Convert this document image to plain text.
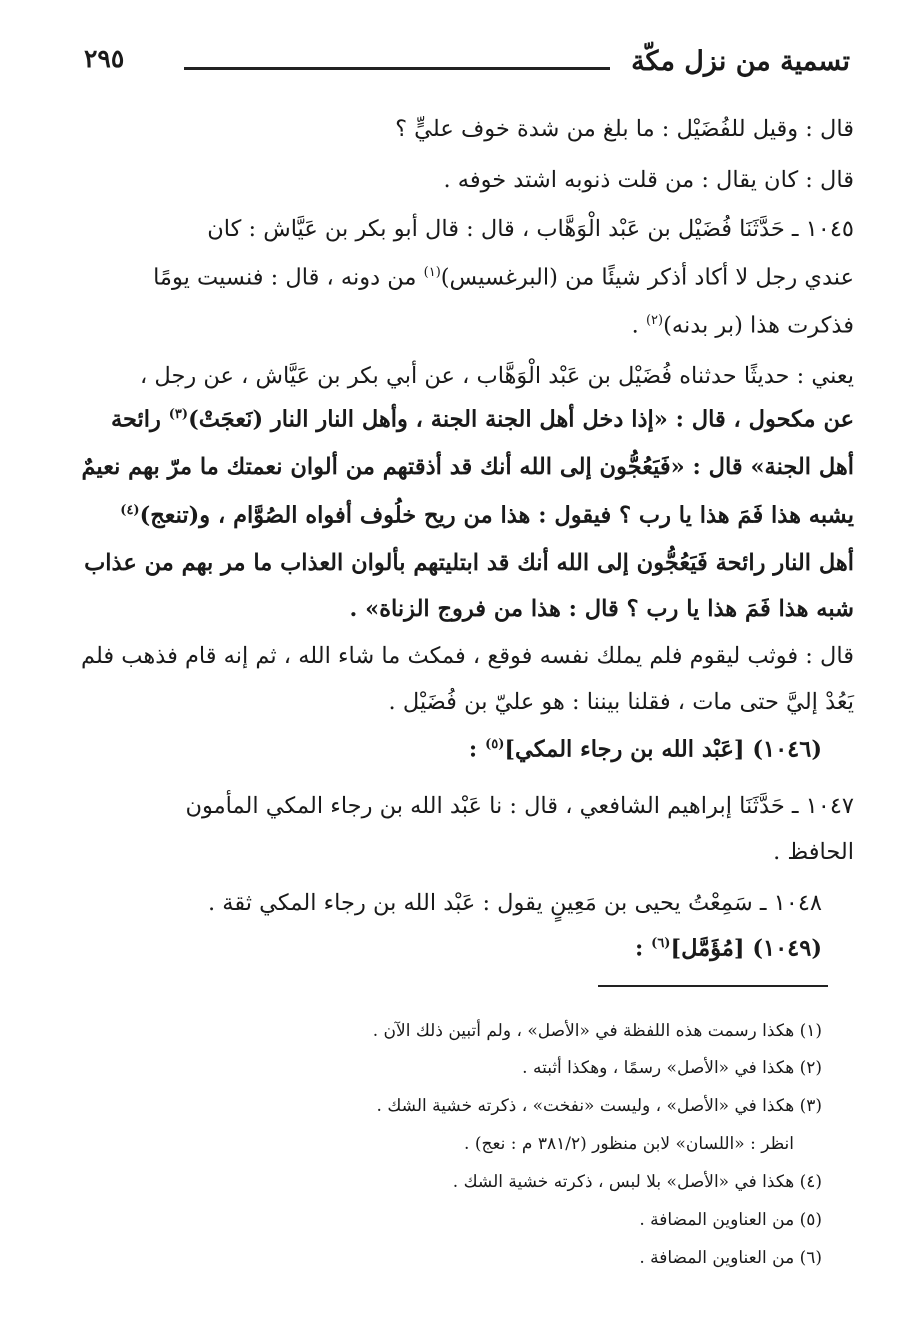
تسمية من نزل مكّة
٢٩٥
قال : وقيل للفُضَيْل : ما بلغ من شدة خوف عليٍّ ؟
قال : كان يقال : من قلت ذنوبه اشتد خوفه .
١٠٤٥ ـ حَدَّثَنَا فُضَيْل بن عَبْد الْوَهَّاب ، قال : قال أبو بكر بن عَيَّاش : كان
عندي رجل لا أكاد أذكر شيئًا من (البرغسيس)$^{(١)}$ من دونه ، قال : فنسيت يومًا
فذكرت هذا (بر بدنه)$^{(٢)}$ .
يعني : حديثًا حدثناه فُضَيْل بن عَبْد الْوَهَّاب ، عن أبي بكر بن عَيَّاش ، عن رجل ،
عن مكحول ، قال : «إذا دخل أهل الجنة الجنة ، وأهل النار النار (نَعجَتْ)$^{(٣)}$ رائحة
أهل الجنة» قال : «فَيَعُجُّون إلى الله أنك قد أذقتهم من ألوان نعمتك ما مرّ بهم نعيمٌ
يشبه هذا فَمَ هذا يا رب ؟ فيقول : هذا من ريح خلُوف أفواه الصُوَّام ، و(تنعج)$^{(٤)}$
أهل النار رائحة فَيَعُجُّون إلى الله أنك قد ابتليتهم بألوان العذاب ما مر بهم من عذاب
شبه هذا فَمَ هذا يا رب ؟ قال : هذا من فروج الزناة» .
قال : فوثب ليقوم فلم يملك نفسه فوقع ، فمكث ما شاء الله ، ثم إنه قام فذهب فلم
يَعُدْ إليَّ حتى مات ، فقلنا بيننا : هو عليّ بن فُضَيْل .
(١٠٤٦) [عَبْد الله بن رجاء المكي]$^{(٥)}$ :
١٠٤٧ ـ حَدَّثَنَا إبراهيم الشافعي ، قال : نا عَبْد الله بن رجاء المكي المأمون
الحافظ .
١٠٤٨ ـ سَمِعْتُ يحيى بن مَعِينٍ يقول : عَبْد الله بن رجاء المكي ثقة .
(١٠٤٩) [مُؤَمَّل]$^{(٦)}$ :
(١) هكذا رسمت هذه اللفظة في «الأصل» ، ولم أتبين ذلك الآن .
(٢) هكذا في «الأصل» رسمًا ، وهكذا أثبته .
(٣) هكذا في «الأصل» ، وليست «نفخت» ، ذكرته خشية الشك .
انظر : «اللسان» لابن منظور (٣٨١/٢ م : نعج) .
(٤) هكذا في «الأصل» بلا لبس ، ذكرته خشية الشك .
(٥) من العناوين المضافة .
(٦) من العناوين المضافة .
